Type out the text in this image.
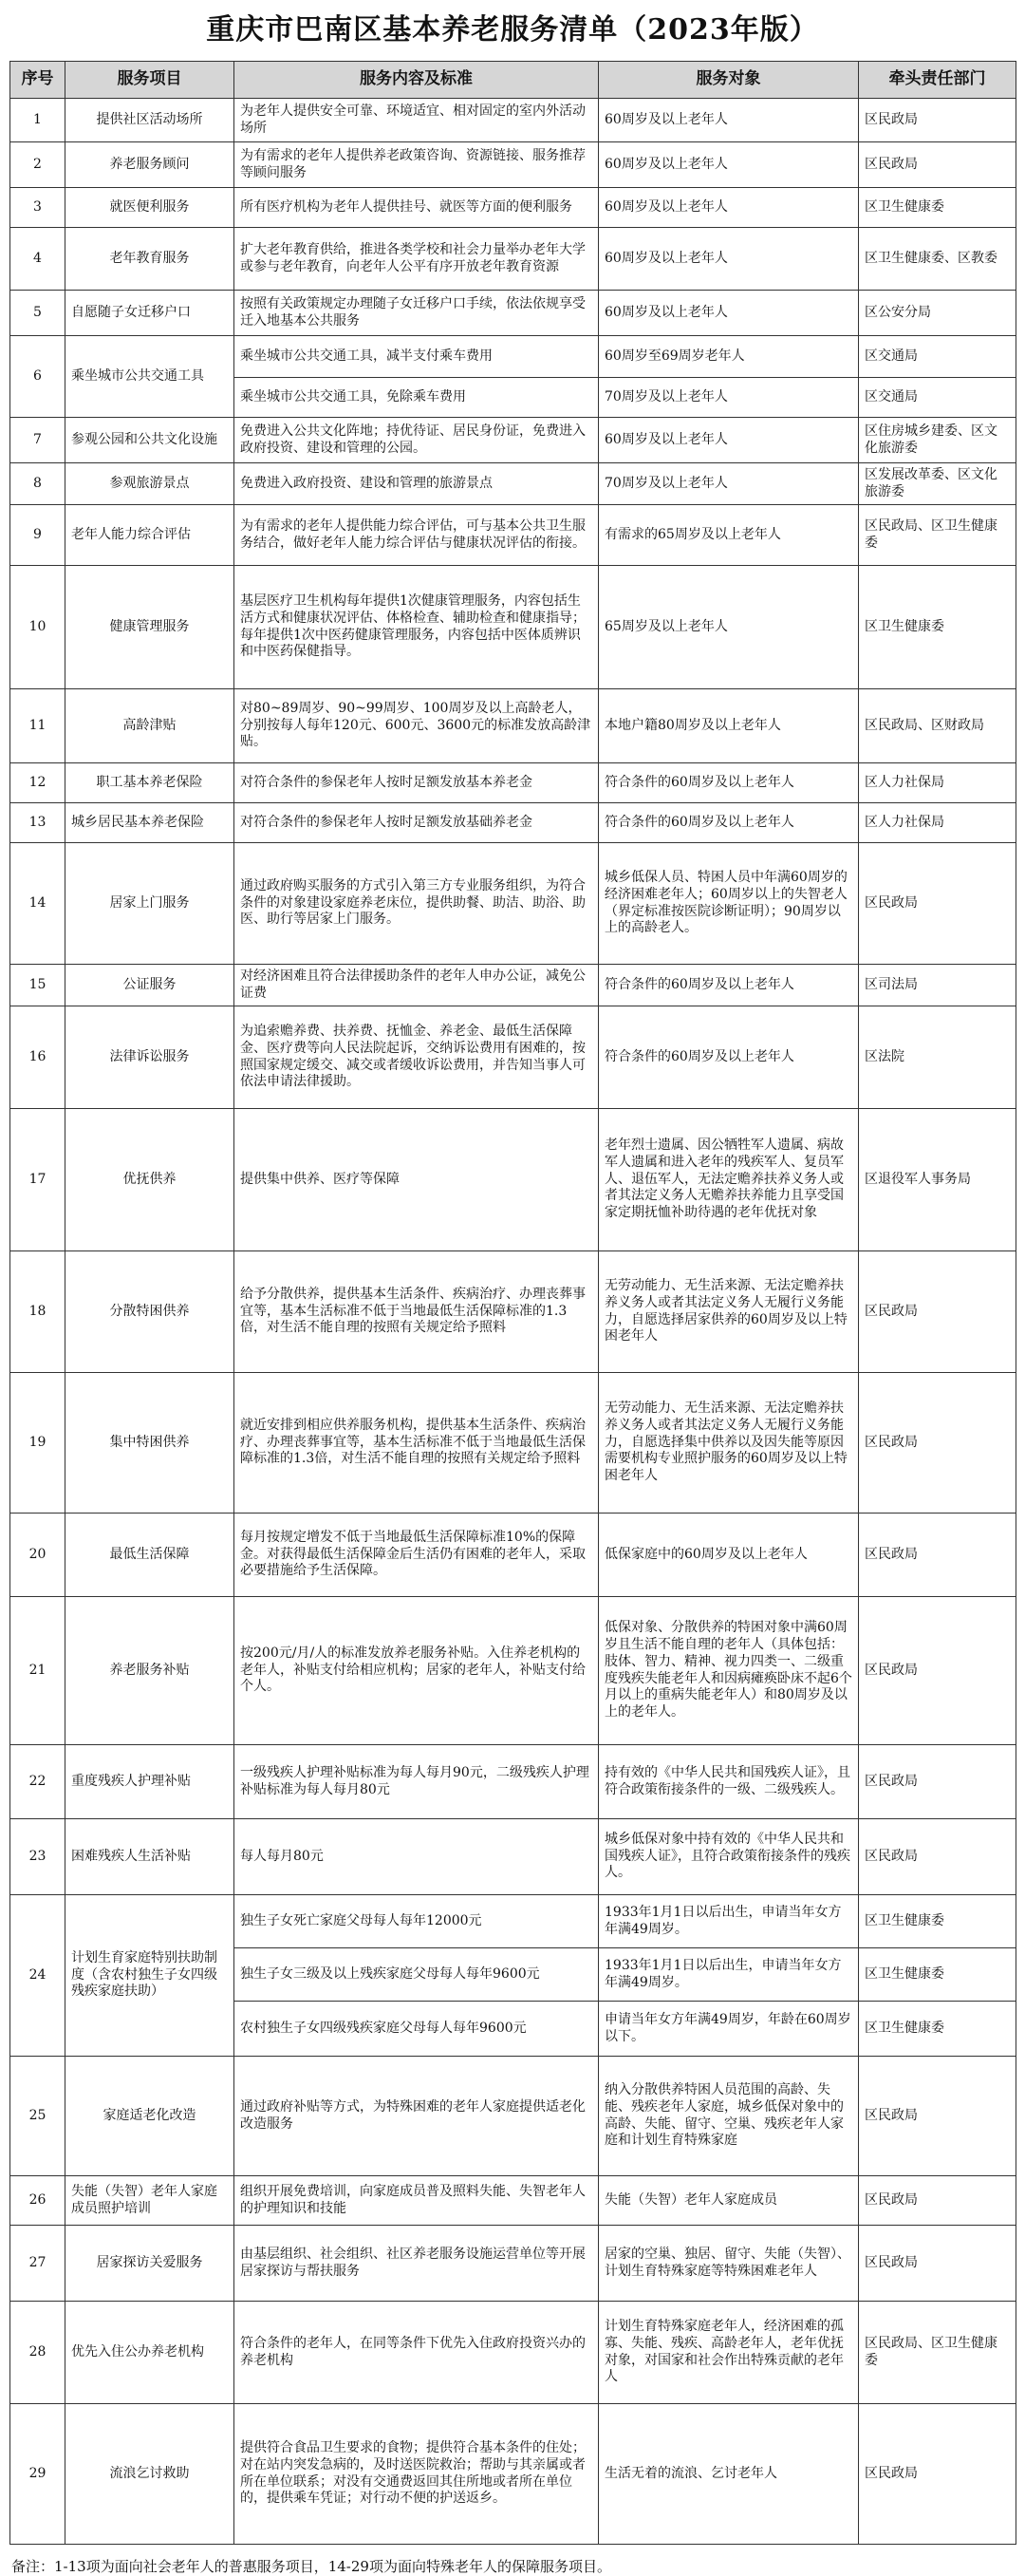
重庆市巴南区基本养老服务清单（2023年版）
序号	服务项目	服务内容及标准	服务对象	牵头责任部门
1	提供社区活动场所	为老年人提供安全可靠、环境适宜、相对固定的室内外活动场所	60周岁及以上老年人	区民政局
2	养老服务顾问	为有需求的老年人提供养老政策咨询、资源链接、服务推荐等顾问服务	60周岁及以上老年人	区民政局
3	就医便利服务	所有医疗机构为老年人提供挂号、就医等方面的便利服务	60周岁及以上老年人	区卫生健康委
4	老年教育服务	扩大老年教育供给，推进各类学校和社会力量举办老年大学或参与老年教育，向老年人公平有序开放老年教育资源	60周岁及以上老年人	区卫生健康委、区教委
5	自愿随子女迁移户口	按照有关政策规定办理随子女迁移户口手续，依法依规享受迁入地基本公共服务	60周岁及以上老年人	区公安分局
6	乘坐城市公共交通工具	乘坐城市公共交通工具，减半支付乘车费用	60周岁至69周岁老年人	区交通局
		乘坐城市公共交通工具，免除乘车费用	70周岁及以上老年人	区交通局
7	参观公园和公共文化设施	免费进入公共文化阵地；持优待证、居民身份证，免费进入政府投资、建设和管理的公园。	60周岁及以上老年人	区住房城乡建委、区文化旅游委
8	参观旅游景点	免费进入政府投资、建设和管理的旅游景点	70周岁及以上老年人	区发展改革委、区文化旅游委
9	老年人能力综合评估	为有需求的老年人提供能力综合评估，可与基本公共卫生服务结合，做好老年人能力综合评估与健康状况评估的衔接。	有需求的65周岁及以上老年人	区民政局、区卫生健康委
10	健康管理服务	基层医疗卫生机构每年提供1次健康管理服务，内容包括生活方式和健康状况评估、体格检查、辅助检查和健康指导；每年提供1次中医药健康管理服务，内容包括中医体质辨识和中医药保健指导。	65周岁及以上老年人	区卫生健康委
11	高龄津贴	对80~89周岁、90~99周岁、100周岁及以上高龄老人，分别按每人每年120元、600元、3600元的标准发放高龄津贴。	本地户籍80周岁及以上老年人	区民政局、区财政局
12	职工基本养老保险	对符合条件的参保老年人按时足额发放基本养老金	符合条件的60周岁及以上老年人	区人力社保局
13	城乡居民基本养老保险	对符合条件的参保老年人按时足额发放基础养老金	符合条件的60周岁及以上老年人	区人力社保局
14	居家上门服务	通过政府购买服务的方式引入第三方专业服务组织，为符合条件的对象建设家庭养老床位，提供助餐、助洁、助浴、助医、助行等居家上门服务。	城乡低保人员、特困人员中年满60周岁的经济困难老年人；60周岁以上的失智老人（界定标准按医院诊断证明）；90周岁以上的高龄老人。	区民政局
15	公证服务	对经济困难且符合法律援助条件的老年人申办公证，减免公证费	符合条件的60周岁及以上老年人	区司法局
16	法律诉讼服务	为追索赡养费、扶养费、抚恤金、养老金、最低生活保障金、医疗费等向人民法院起诉，交纳诉讼费用有困难的，按照国家规定缓交、减交或者缓收诉讼费用，并告知当事人可依法申请法律援助。	符合条件的60周岁及以上老年人	区法院
17	优抚供养	提供集中供养、医疗等保障	老年烈士遗属、因公牺牲军人遗属、病故军人遗属和进入老年的残疾军人、复员军人、退伍军人，无法定赡养扶养义务人或者其法定义务人无赡养扶养能力且享受国家定期抚恤补助待遇的老年优抚对象	区退役军人事务局
18	分散特困供养	给予分散供养，提供基本生活条件、疾病治疗、办理丧葬事宜等，基本生活标准不低于当地最低生活保障标准的1.3倍，对生活不能自理的按照有关规定给予照料	无劳动能力、无生活来源、无法定赡养扶养义务人或者其法定义务人无履行义务能力，自愿选择居家供养的60周岁及以上特困老年人	区民政局
19	集中特困供养	就近安排到相应供养服务机构，提供基本生活条件、疾病治疗、办理丧葬事宜等，基本生活标准不低于当地最低生活保障标准的1.3倍，对生活不能自理的按照有关规定给予照料	无劳动能力、无生活来源、无法定赡养扶养义务人或者其法定义务人无履行义务能力，自愿选择集中供养以及因失能等原因需要机构专业照护服务的60周岁及以上特困老年人	区民政局
20	最低生活保障	每月按规定增发不低于当地最低生活保障标准10%的保障金。对获得最低生活保障金后生活仍有困难的老年人，采取必要措施给予生活保障。	低保家庭中的60周岁及以上老年人	区民政局
21	养老服务补贴	按200元/月/人的标准发放养老服务补贴。入住养老机构的老年人，补贴支付给相应机构；居家的老年人，补贴支付给个人。	低保对象、分散供养的特困对象中满60周岁且生活不能自理的老年人（具体包括：肢体、智力、精神、视力四类一、二级重度残疾失能老年人和因病瘫痪卧床不起6个月以上的重病失能老年人）和80周岁及以上的老年人。	区民政局
22	重度残疾人护理补贴	一级残疾人护理补贴标准为每人每月90元，二级残疾人护理补贴标准为每人每月80元	持有效的《中华人民共和国残疾人证》，且符合政策衔接条件的一级、二级残疾人。	区民政局
23	困难残疾人生活补贴	每人每月80元	城乡低保对象中持有效的《中华人民共和国残疾人证》，且符合政策衔接条件的残疾人。	区民政局
24	计划生育家庭特别扶助制度（含农村独生子女四级残疾家庭扶助）	独生子女死亡家庭父母每人每年12000元	1933年1月1日以后出生，申请当年女方年满49周岁。	区卫生健康委
		独生子女三级及以上残疾家庭父母每人每年9600元	1933年1月1日以后出生，申请当年女方年满49周岁。	区卫生健康委
		农村独生子女四级残疾家庭父母每人每年9600元	申请当年女方年满49周岁，年龄在60周岁以下。	区卫生健康委
25	家庭适老化改造	通过政府补贴等方式，为特殊困难的老年人家庭提供适老化改造服务	纳入分散供养特困人员范围的高龄、失能、残疾老年人家庭，城乡低保对象中的高龄、失能、留守、空巢、残疾老年人家庭和计划生育特殊家庭	区民政局
26	失能（失智）老年人家庭成员照护培训	组织开展免费培训，向家庭成员普及照料失能、失智老年人的护理知识和技能	失能（失智）老年人家庭成员	区民政局
27	居家探访关爱服务	由基层组织、社会组织、社区养老服务设施运营单位等开展居家探访与帮扶服务	居家的空巢、独居、留守、失能（失智）、计划生育特殊家庭等特殊困难老年人	区民政局
28	优先入住公办养老机构	符合条件的老年人，在同等条件下优先入住政府投资兴办的养老机构	计划生育特殊家庭老年人，经济困难的孤寡、失能、残疾、高龄老年人，老年优抚对象，对国家和社会作出特殊贡献的老年人	区民政局、区卫生健康委
29	流浪乞讨救助	提供符合食品卫生要求的食物；提供符合基本条件的住处；对在站内突发急病的，及时送医院救治；帮助与其亲属或者所在单位联系；对没有交通费返回其住所地或者所在单位的，提供乘车凭证；对行动不便的护送返乡。	生活无着的流浪、乞讨老年人	区民政局
备注：1-13项为面向社会老年人的普惠服务项目，14-29项为面向特殊老年人的保障服务项目。
